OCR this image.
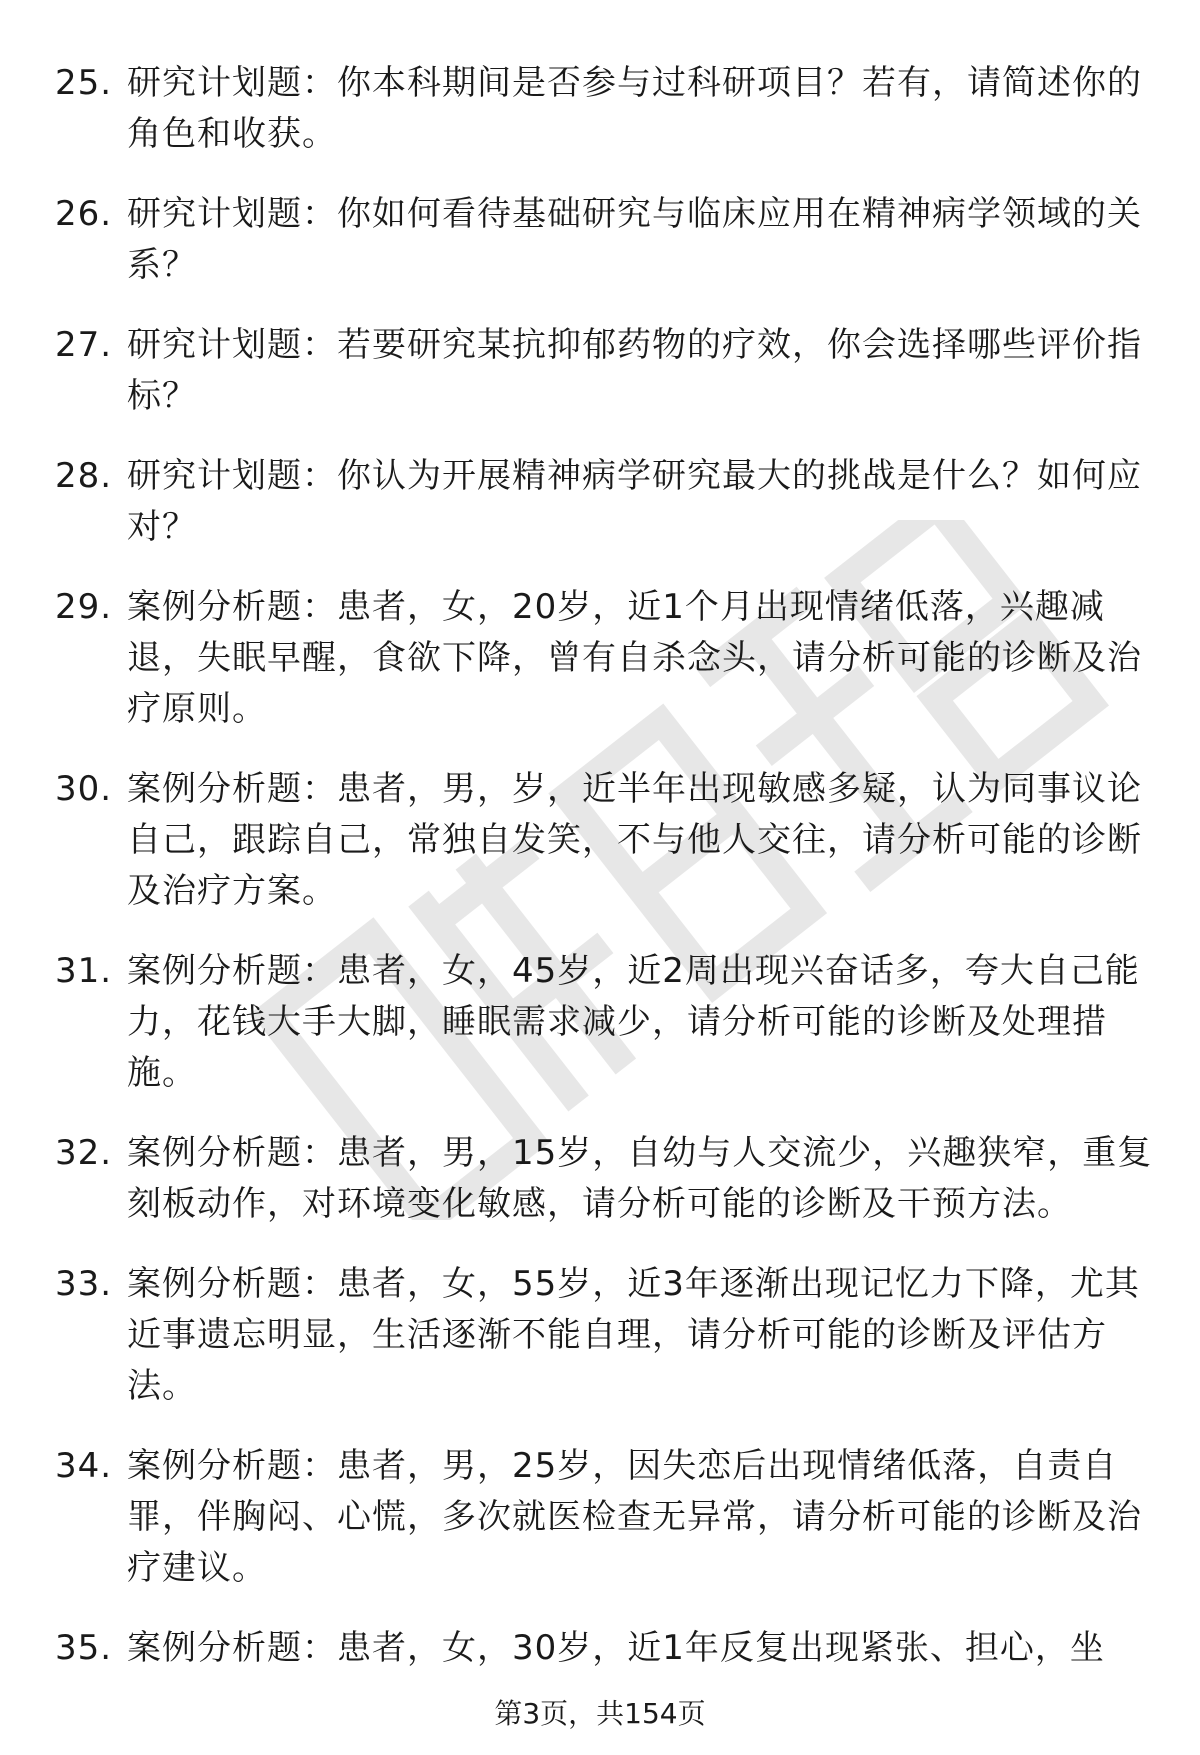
25. 研究计划题：你本科期间是否参与过科研项目？若有，请简述你的角色和收获。
26. 研究计划题：你如何看待基础研究与临床应用在精神病学领域的关系？
27. 研究计划题：若要研究某抗抑郁药物的疗效，你会选择哪些评价指标？
28. 研究计划题：你认为开展精神病学研究最大的挑战是什么？如何应对？
29. 案例分析题：患者，女，20岁，近1个月出现情绪低落，兴趣减退，失眠早醒，食欲下降，曾有自杀念头，请分析可能的诊断及治疗原则。
30. 案例分析题：患者，男，岁，近半年出现敏感多疑，认为同事议论自己，跟踪自己，常独自发笑，不与他人交往，请分析可能的诊断及治疗方案。
31. 案例分析题：患者，女，45岁，近2周出现兴奋话多，夸大自己能力，花钱大手大脚，睡眠需求减少，请分析可能的诊断及处理措施。
32. 案例分析题：患者，男，15岁，自幼与人交流少，兴趣狭窄，重复刻板动作，对环境变化敏感，请分析可能的诊断及干预方法。
33. 案例分析题：患者，女，55岁，近3年逐渐出现记忆力下降，尤其近事遗忘明显，生活逐渐不能自理，请分析可能的诊断及评估方法。
34. 案例分析题：患者，男，25岁，因失恋后出现情绪低落，自责自罪，伴胸闷、心慌，多次就医检查无异常，请分析可能的诊断及治疗建议。
35. 案例分析题：患者，女，30岁，近1年反复出现紧张、担心，坐
第3页，共154页
